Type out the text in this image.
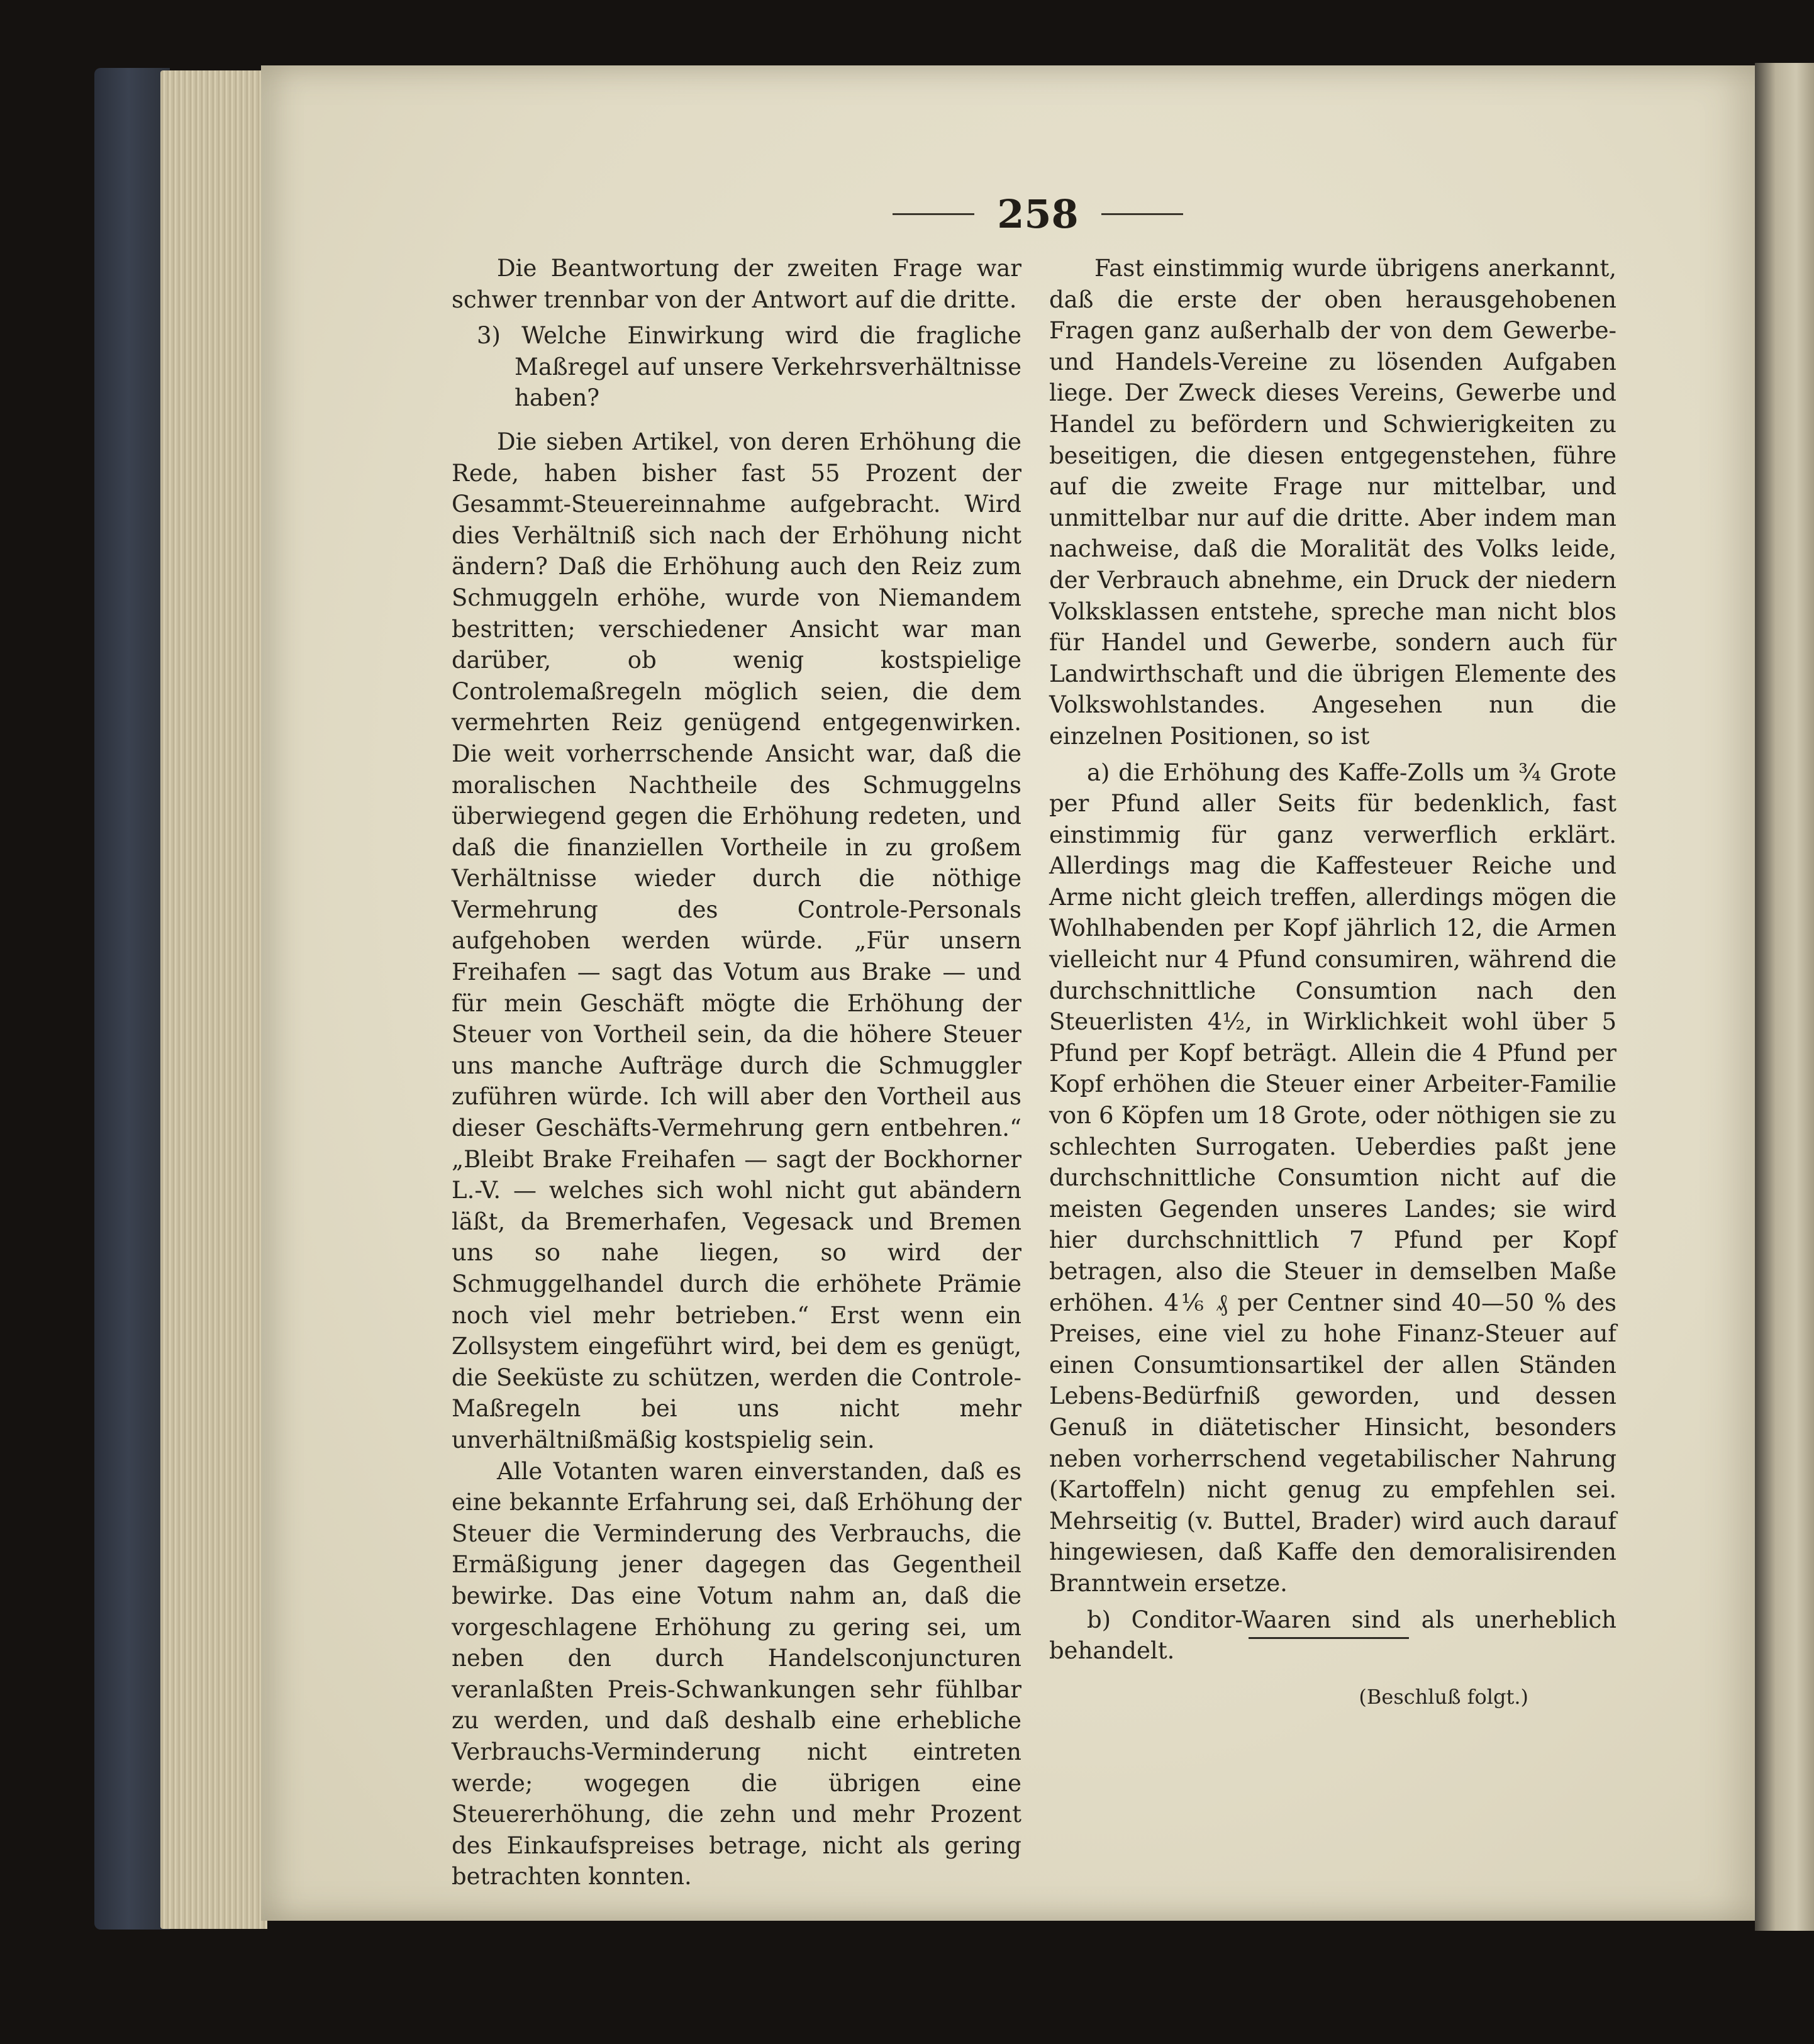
258

Die Beantwortung der zweiten Frage war schwer trennbar von der Antwort auf die dritte.

3) Welche Einwirkung wird die fragliche Maßregel auf unsere Verkehrsverhältnisse haben?

Die sieben Artikel, von deren Erhöhung die Rede, haben bisher fast 55 Prozent der Gesammt-Steuereinnahme aufgebracht. Wird dies Verhältniß sich nach der Erhöhung nicht ändern? Daß die Erhöhung auch den Reiz zum Schmuggeln erhöhe, wurde von Niemandem bestritten; verschiedener Ansicht war man darüber, ob wenig kostspielige Controlemaßregeln möglich seien, die dem vermehrten Reiz genügend entgegenwirken. Die weit vorherrschende Ansicht war, daß die moralischen Nachtheile des Schmuggelns überwiegend gegen die Erhöhung redeten, und daß die finanziellen Vortheile in zu großem Verhältnisse wieder durch die nöthige Vermehrung des Controle-Personals aufgehoben werden würde. „Für unsern Freihafen — sagt das Votum aus Brake — und für mein Geschäft mögte die Erhöhung der Steuer von Vortheil sein, da die höhere Steuer uns manche Aufträge durch die Schmuggler zuführen würde. Ich will aber den Vortheil aus dieser Geschäfts-Vermehrung gern entbehren.“ „Bleibt Brake Freihafen — sagt der Bockhorner L.-V. — welches sich wohl nicht gut abändern läßt, da Bremerhafen, Vegesack und Bremen uns so nahe liegen, so wird der Schmuggelhandel durch die erhöhete Prämie noch viel mehr betrieben.“ Erst wenn ein Zollsystem eingeführt wird, bei dem es genügt, die Seeküste zu schützen, werden die Controle-Maßregeln bei uns nicht mehr unverhältnißmäßig kostspielig sein.

Alle Votanten waren einverstanden, daß es eine bekannte Erfahrung sei, daß Erhöhung der Steuer die Verminderung des Verbrauchs, die Ermäßigung jener dagegen das Gegentheil bewirke. Das eine Votum nahm an, daß die vorgeschlagene Erhöhung zu gering sei, um neben den durch Handelsconjuncturen veranlaßten Preis-Schwankungen sehr fühlbar zu werden, und daß deshalb eine erhebliche Verbrauchs-Verminderung nicht eintreten werde; wogegen die übrigen eine Steuererhöhung, die zehn und mehr Prozent des Einkaufspreises betrage, nicht als gering betrachten konnten.

Fast einstimmig wurde übrigens anerkannt, daß die erste der oben herausgehobenen Fragen ganz außerhalb der von dem Gewerbe- und Handels-Vereine zu lösenden Aufgaben liege. Der Zweck dieses Vereins, Gewerbe und Handel zu befördern und Schwierigkeiten zu beseitigen, die diesen entgegenstehen, führe auf die zweite Frage nur mittelbar, und unmittelbar nur auf die dritte. Aber indem man nachweise, daß die Moralität des Volks leide, der Verbrauch abnehme, ein Druck der niedern Volksklassen entstehe, spreche man nicht blos für Handel und Gewerbe, sondern auch für Landwirthschaft und die übrigen Elemente des Volkswohlstandes. Angesehen nun die einzelnen Positionen, so ist

a) die Erhöhung des Kaffe-Zolls um ¾ Grote per Pfund aller Seits für bedenklich, fast einstimmig für ganz verwerflich erklärt. Allerdings mag die Kaffesteuer Reiche und Arme nicht gleich treffen, allerdings mögen die Wohlhabenden per Kopf jährlich 12, die Armen vielleicht nur 4 Pfund consumiren, während die durchschnittliche Consumtion nach den Steuerlisten 4½, in Wirklichkeit wohl über 5 Pfund per Kopf beträgt. Allein die 4 Pfund per Kopf erhöhen die Steuer einer Arbeiter-Familie von 6 Köpfen um 18 Grote, oder nöthigen sie zu schlechten Surrogaten. Ueberdies paßt jene durchschnittliche Consumtion nicht auf die meisten Gegenden unseres Landes; sie wird hier durchschnittlich 7 Pfund per Kopf betragen, also die Steuer in demselben Maße erhöhen. 4⅙ ₰ per Centner sind 40—50 % des Preises, eine viel zu hohe Finanz-Steuer auf einen Consumtionsartikel der allen Ständen Lebens-Bedürfniß geworden, und dessen Genuß in diätetischer Hinsicht, besonders neben vorherrschend vegetabilischer Nahrung (Kartoffeln) nicht genug zu empfehlen sei. Mehrseitig (v. Buttel, Brader) wird auch darauf hingewiesen, daß Kaffe den demoralisirenden Branntwein ersetze.

b) Conditor-Waaren sind als unerheblich behandelt.

(Beschluß folgt.)
